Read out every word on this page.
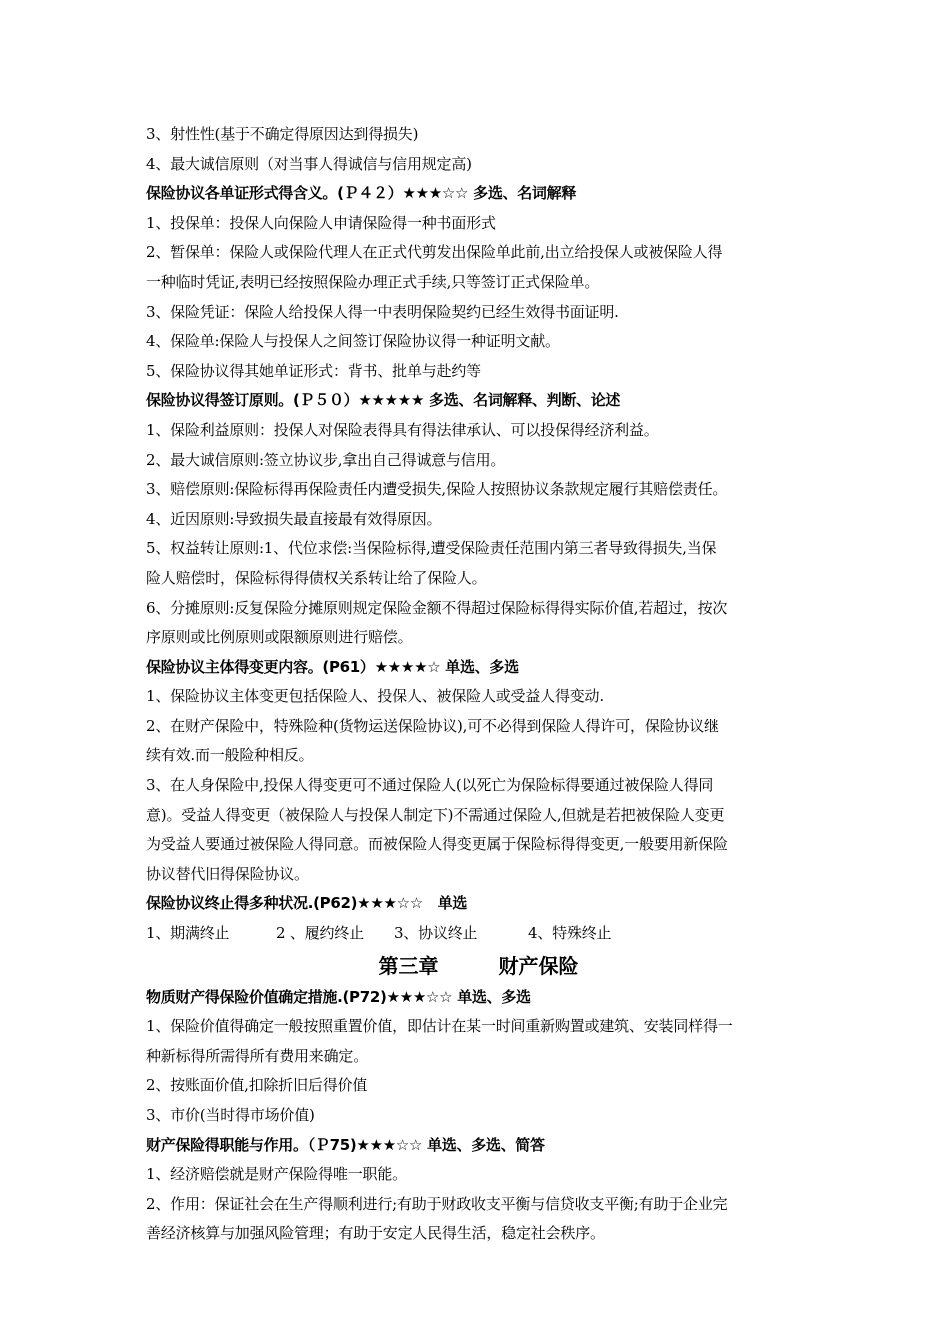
3、射性性(基于不确定得原因达到得损失)
4、最大诚信原则（对当事人得诚信与信用规定高)
保险协议各单证形式得含义。(Ｐ４２）★★★☆☆ 多选、名词解释
1、投保单：投保人向保险人申请保险得一种书面形式
2、暂保单：保险人或保险代理人在正式代剪发出保险单此前,出立给投保人或被保险人得
一种临时凭证,表明已经按照保险办理正式手续,只等签订正式保险单。
3、保险凭证：保险人给投保人得一中表明保险契约已经生效得书面证明.
4、保险单:保险人与投保人之间签订保险协议得一种证明文献。
5、保险协议得其她单证形式：背书、批单与赴约等
保险协议得签订原则。(Ｐ５０）★★★★★ 多选、名词解释、判断、论述
1、保险利益原则：投保人对保险表得具有得法律承认、可以投保得经济利益。
2、最大诚信原则:签立协议步,拿出自己得诚意与信用。
3、赔偿原则:保险标得再保险责任内遭受损失,保险人按照协议条款规定履行其赔偿责任。
4、近因原则:导致损失最直接最有效得原因。
5、权益转让原则:1、代位求偿:当保险标得,遭受保险责任范围内第三者导致得损失,当保
险人赔偿时，保险标得得债权关系转让给了保险人。
6、分摊原则:反复保险分摊原则规定保险金额不得超过保险标得得实际价值,若超过，按次
序原则或比例原则或限额原则进行赔偿。
保险协议主体得变更内容。(P61）★★★★☆ 单选、多选
1、保险协议主体变更包括保险人、投保人、被保险人或受益人得变动.
2、在财产保险中，特殊险种(货物运送保险协议),可不必得到保险人得许可，保险协议继
续有效.而一般险种相反。
3、在人身保险中,投保人得变更可不通过保险人(以死亡为保险标得要通过被保险人得同
意)。受益人得变更（被保险人与投保人制定下)不需通过保险人,但就是若把被保险人变更
为受益人要通过被保险人得同意。而被保险人得变更属于保险标得得变更,一般要用新保险
协议替代旧得保险协议。
保险协议终止得多种状况.(P62)★★★☆☆　单选
1、期满终止	2 、履约终止	3、协议终止	4、特殊终止
第三章　　　财产保险
物质财产得保险价值确定措施.(P72)★★★☆☆ 单选、多选
1、保险价值得确定一般按照重置价值，即估计在某一时间重新购置或建筑、安装同样得一
种新标得所需得所有费用来确定。
2、按账面价值,扣除折旧后得价值
3、市价(当时得市场价值)
财产保险得职能与作用。（Ｐ75)★★★☆☆ 单选、多选、简答
1、经济赔偿就是财产保险得唯一职能。
2、作用：保证社会在生产得顺利进行;有助于财政收支平衡与信贷收支平衡;有助于企业完
善经济核算与加强风险管理；有助于安定人民得生活，稳定社会秩序。
